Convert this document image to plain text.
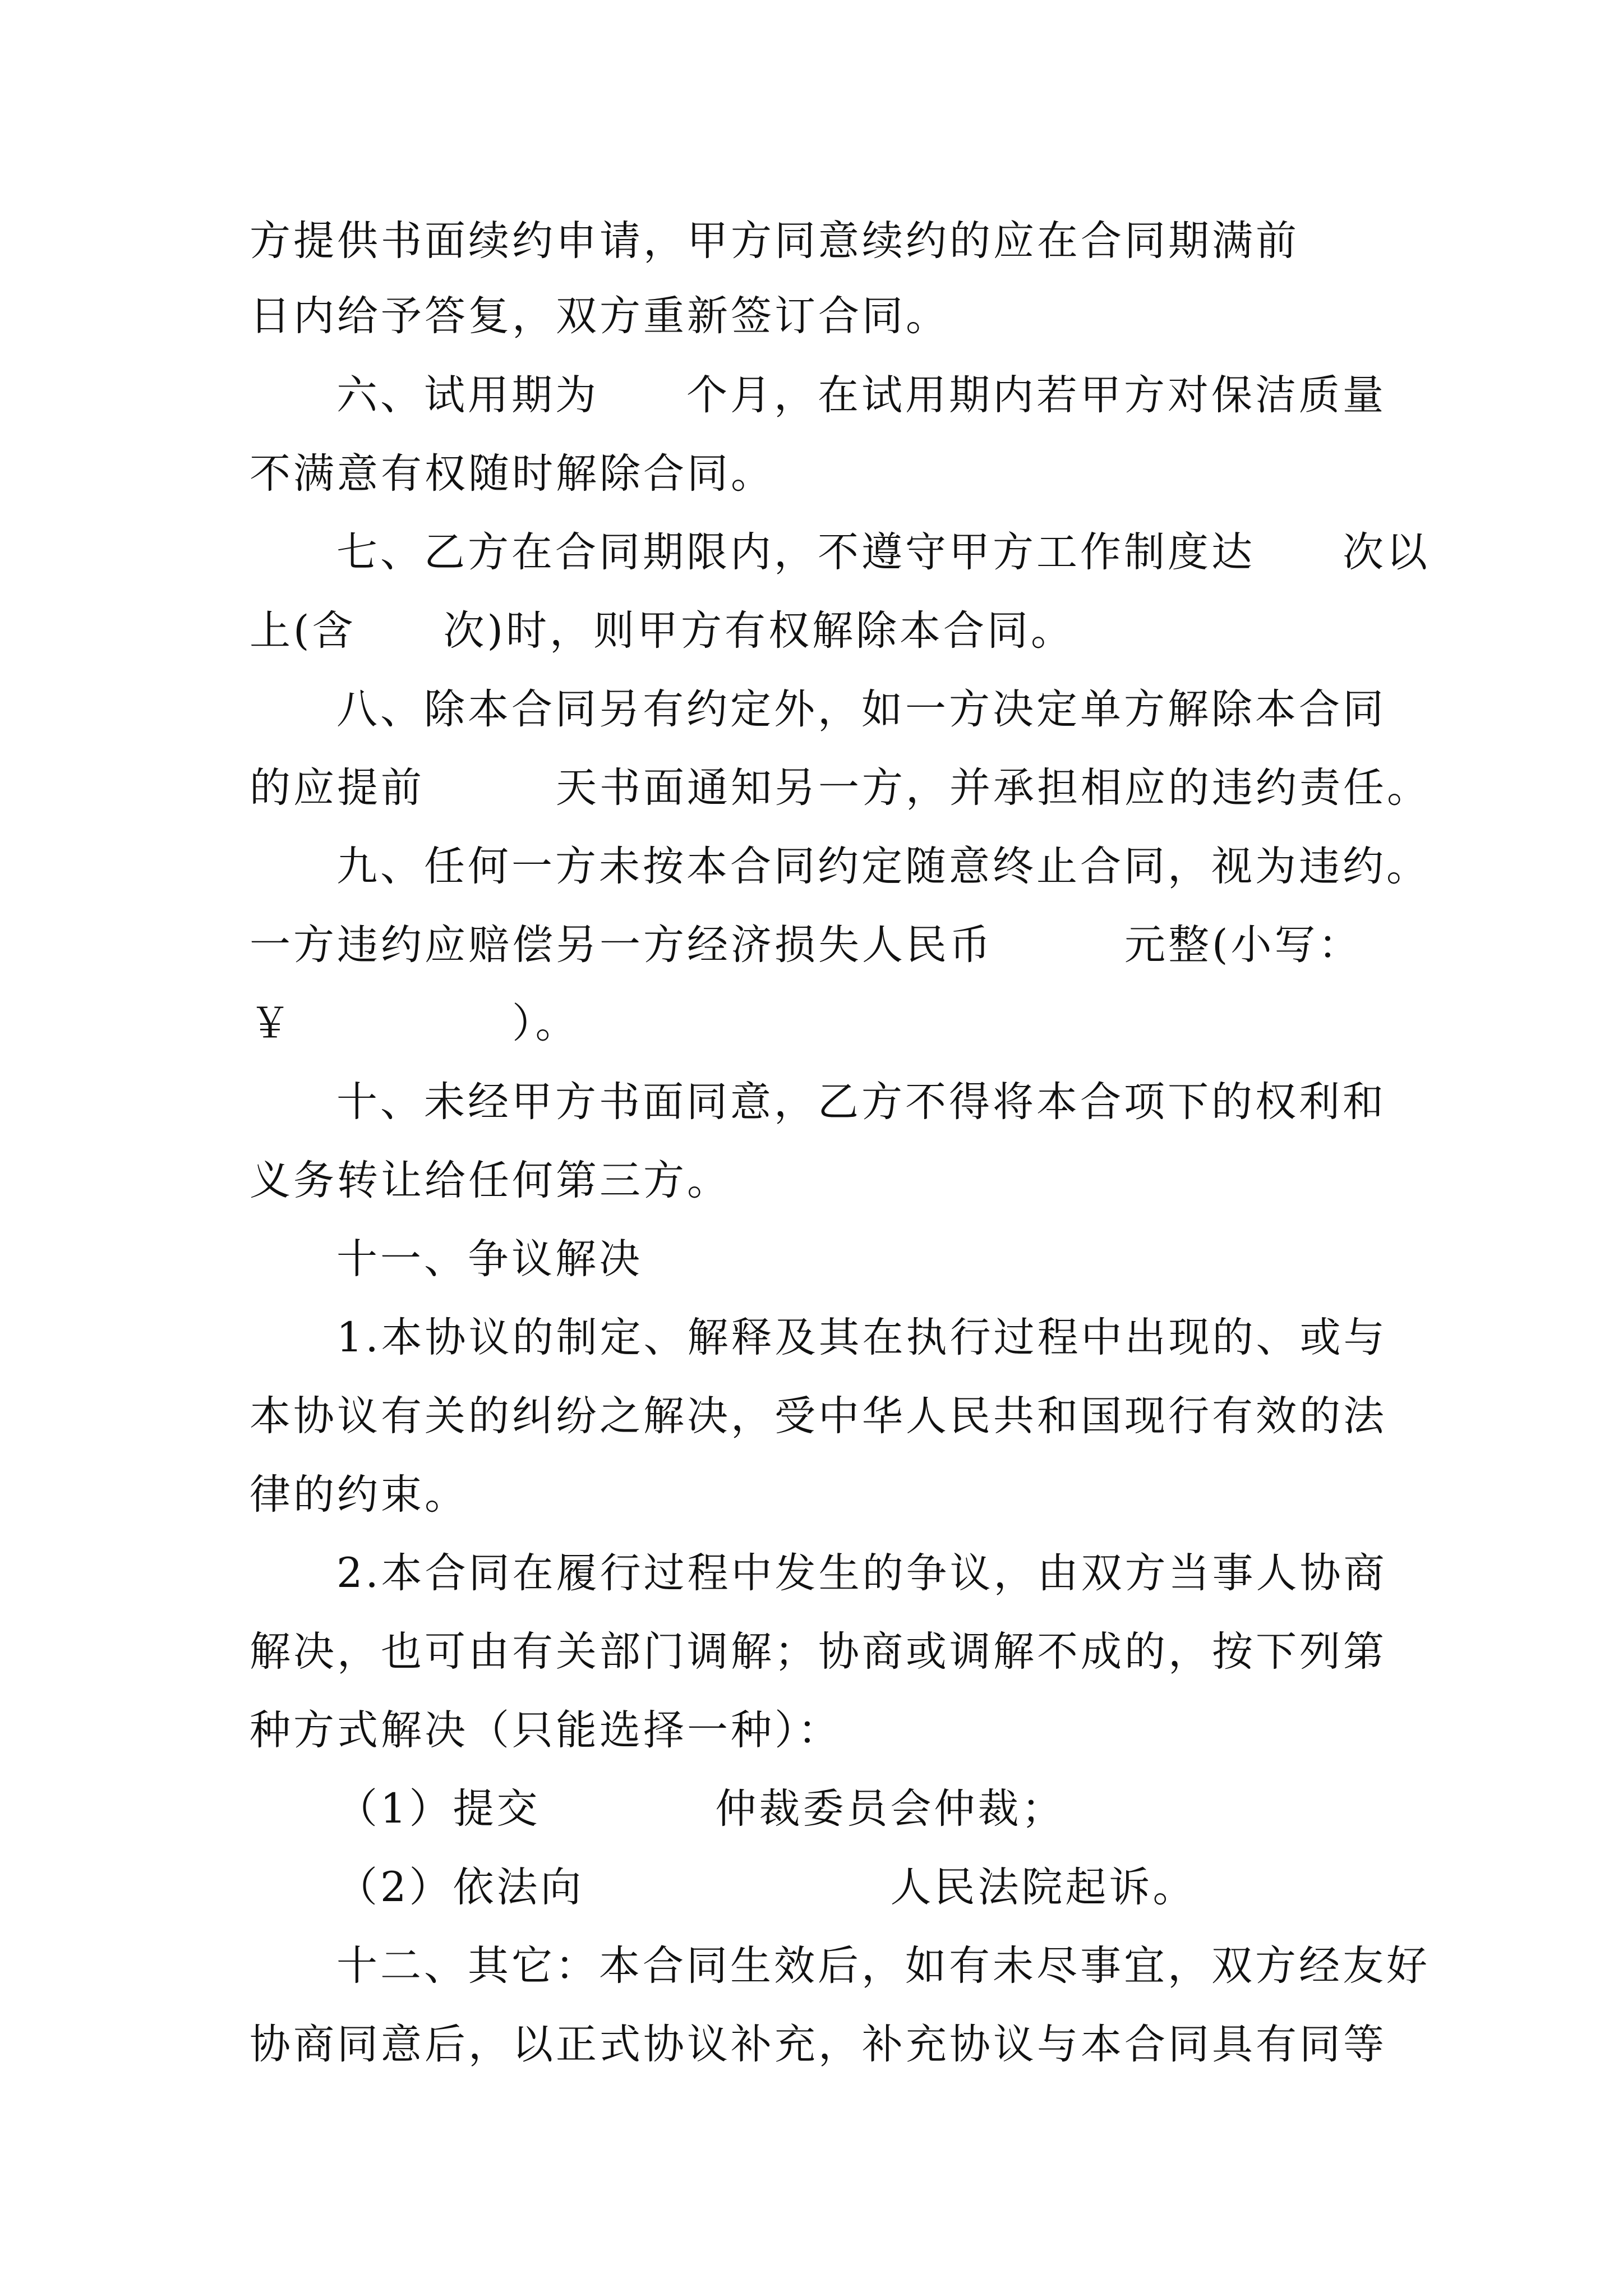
方提供书面续约申请，甲方同意续约的应在合同期满前
日内给予答复，双方重新签订合同。
六、试用期为　　个月，在试用期内若甲方对保洁质量
不满意有权随时解除合同。
七、乙方在合同期限内，不遵守甲方工作制度达　　次以
上(含　　次)时，则甲方有权解除本合同。
八、除本合同另有约定外，如一方决定单方解除本合同
的应提前　　　天书面通知另一方，并承担相应的违约责任。
九、任何一方未按本合同约定随意终止合同，视为违约。
一方违约应赔偿另一方经济损失人民币　　　元整(小写：
￥　　　　　）。
十、未经甲方书面同意，乙方不得将本合项下的权利和
义务转让给任何第三方。
十一、争议解决
1.本协议的制定、解释及其在执行过程中出现的、或与
本协议有关的纠纷之解决，受中华人民共和国现行有效的法
律的约束。
2.本合同在履行过程中发生的争议，由双方当事人协商
解决，也可由有关部门调解；协商或调解不成的，按下列第
种方式解决（只能选择一种）：
（1）提交　　　　仲裁委员会仲裁；
（2）依法向　　　　　　　人民法院起诉。
十二、其它：本合同生效后，如有未尽事宜，双方经友好
协商同意后，以正式协议补充，补充协议与本合同具有同等
